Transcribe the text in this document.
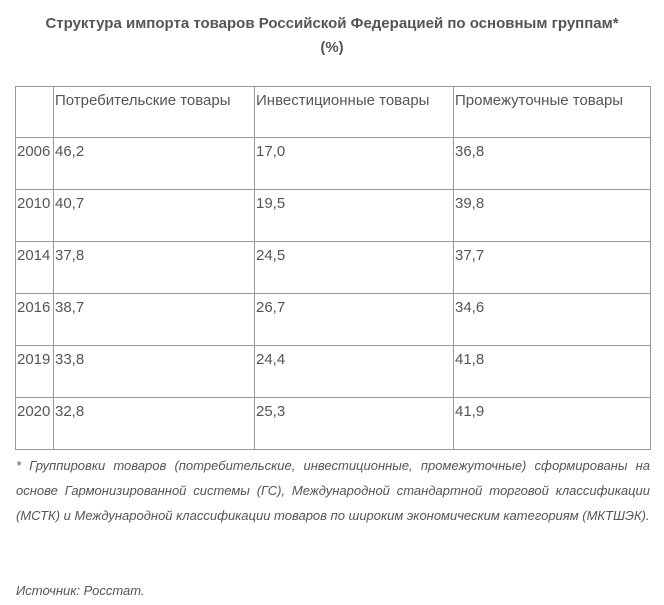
Структура импорта товаров Российской Федерацией по основным группам*
(%)
	Потребительские товары	Инвестиционные товары	Промежуточные товары
2006	46,2	17,0	36,8
2010	40,7	19,5	39,8
2014	37,8	24,5	37,7
2016	38,7	26,7	34,6
2019	33,8	24,4	41,8
2020	32,8	25,3	41,9
* Группировки товаров (потребительские, инвестиционные, промежуточные) сформированы на основе Гармонизированной системы (ГС), Международной стандартной торговой классификации (МСТК) и Международной классификации товаров по широким экономическим категориям (МКТШЭК).
Источник: Росстат.
